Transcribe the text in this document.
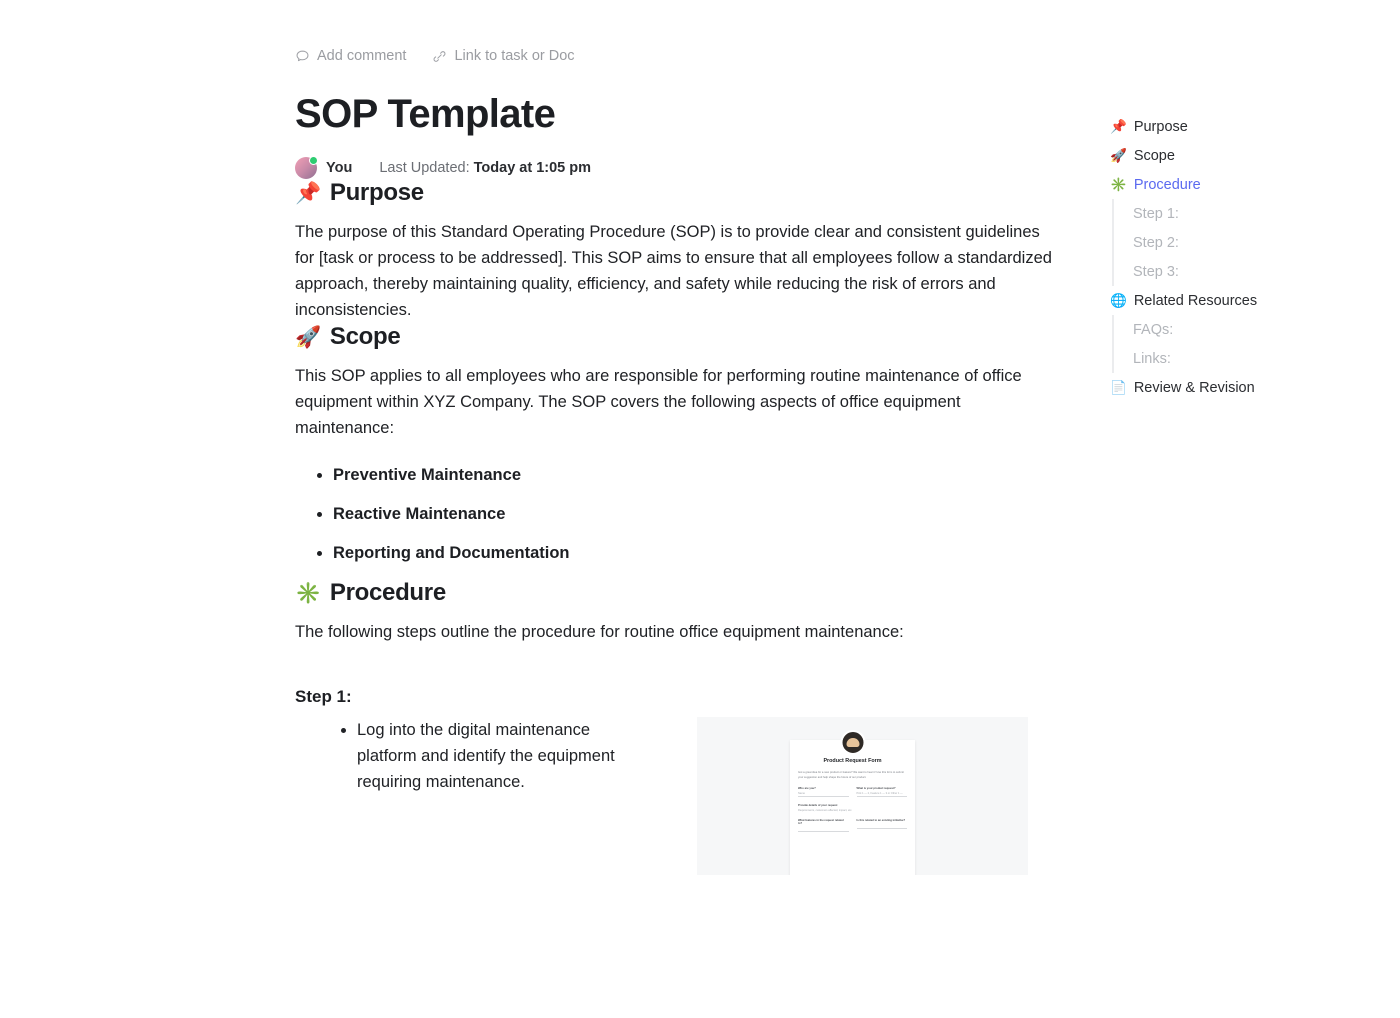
Add comment	Link to task or Doc
SOP Template
You Last Updated: Today at 1:05 pm
📌 Purpose

The purpose of this Standard Operating Procedure (SOP) is to provide clear and consistent guidelines for [task or process to be addressed]. This SOP aims to ensure that all employees follow a standardized approach, thereby maintaining quality, efficiency, and safety while reducing the risk of errors and inconsistencies.

🚀 Scope

This SOP applies to all employees who are responsible for performing routine maintenance of office equipment within XYZ Company. The SOP covers the following aspects of office equipment maintenance:

• Preventive Maintenance
• Reactive Maintenance
• Reporting and Documentation
✳️ Procedure

The following steps outline the procedure for routine office equipment maintenance:

Step 1:
• Log into the digital maintenance platform and identify the equipment requiring maintenance.
Product Request Form
Got a great idea for a new product or feature? We want to hear it! Use this form to submit your suggestion and help shape the future of our product.
Who are you?
Name
What is your product request?
Pick 1 — 2, Feature 1 — 3 or Other 1 —
Provide details of your request
Requirements, customers affected, impact, etc.
What features in the request related to?
Is this related to an existing initiative?
📌 Purpose
🚀 Scope
✳️ Procedure
Step 1:
Step 2:
Step 3:
🌐 Related Resources
FAQs:
Links:
📄 Review & Revision
